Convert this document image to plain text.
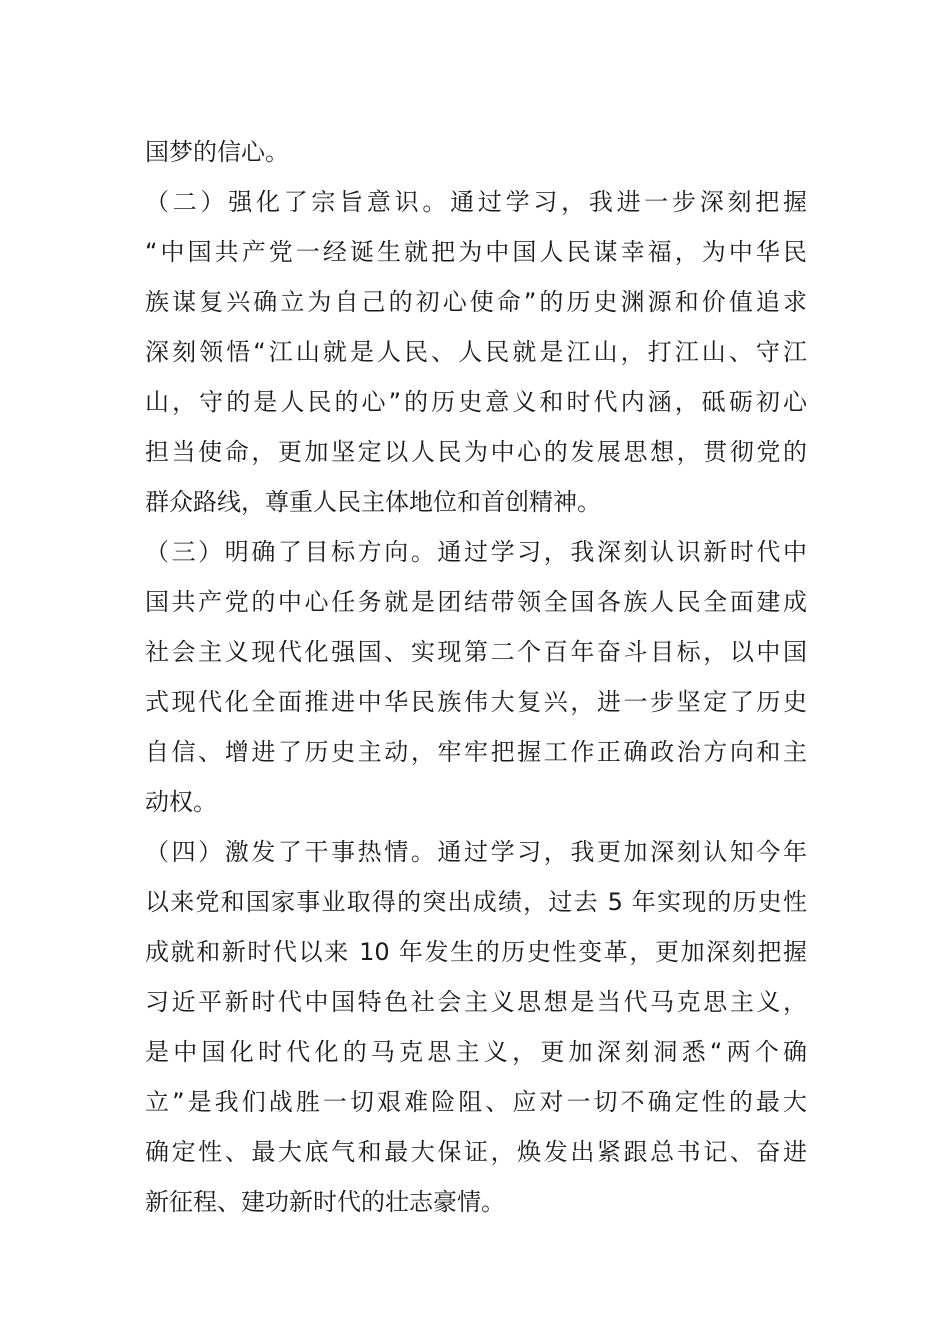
国梦的信心。
（二）强化了宗旨意识。通过学习，我进一步深刻把握
“中国共产党一经诞生就把为中国人民谋幸福，为中华民
族谋复兴确立为自己的初心使命”的历史渊源和价值追求
深刻领悟“江山就是人民、人民就是江山，打江山、守江
山，守的是人民的心”的历史意义和时代内涵，砥砺初心
担当使命，更加坚定以人民为中心的发展思想，贯彻党的
群众路线，尊重人民主体地位和首创精神。
（三）明确了目标方向。通过学习，我深刻认识新时代中
国共产党的中心任务就是团结带领全国各族人民全面建成
社会主义现代化强国、实现第二个百年奋斗目标，以中国
式现代化全面推进中华民族伟大复兴，进一步坚定了历史
自信、增进了历史主动，牢牢把握工作正确政治方向和主
动权。
（四）激发了干事热情。通过学习，我更加深刻认知今年
以来党和国家事业取得的突出成绩，过去 5 年实现的历史性
成就和新时代以来 10 年发生的历史性变革，更加深刻把握
习近平新时代中国特色社会主义思想是当代马克思主义，
是中国化时代化的马克思主义，更加深刻洞悉“两个确
立”是我们战胜一切艰难险阻、应对一切不确定性的最大
确定性、最大底气和最大保证，焕发出紧跟总书记、奋进
新征程、建功新时代的壮志豪情。
